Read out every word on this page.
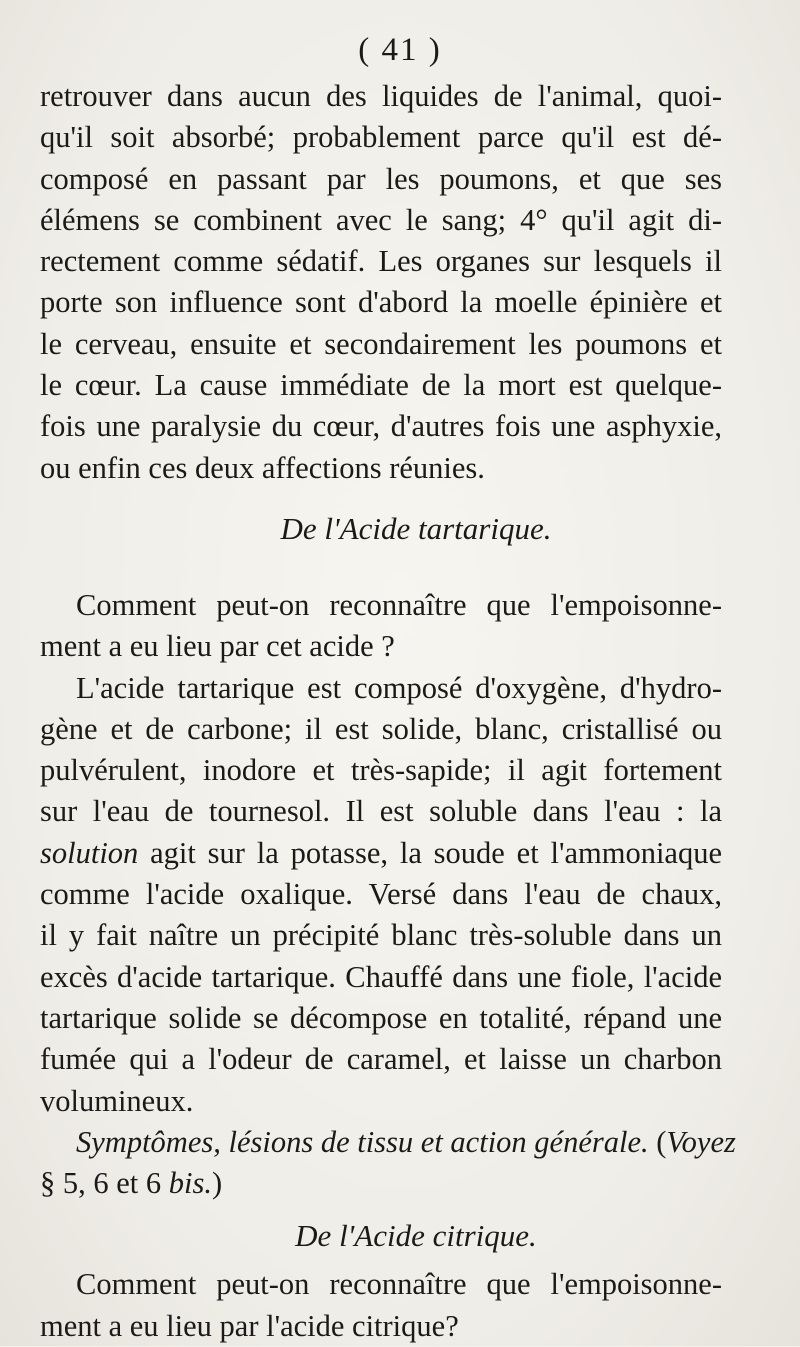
( 41 )
retrouver dans aucun des liquides de l'animal, quoi-
qu'il soit absorbé; probablement parce qu'il est dé-
composé en passant par les poumons, et que ses
élémens se combinent avec le sang; 4° qu'il agit di-
rectement comme sédatif. Les organes sur lesquels il
porte son influence sont d'abord la moelle épinière et
le cerveau, ensuite et secondairement les poumons et
le cœur. La cause immédiate de la mort est quelque-
fois une paralysie du cœur, d'autres fois une asphyxie,
ou enfin ces deux affections réunies.
De l'Acide tartarique.
Comment peut-on reconnaître que l'empoisonne-
ment a eu lieu par cet acide ?
L'acide tartarique est composé d'oxygène, d'hydro-
gène et de carbone; il est solide, blanc, cristallisé ou
pulvérulent, inodore et très-sapide; il agit fortement
sur l'eau de tournesol. Il est soluble dans l'eau : la
solution agit sur la potasse, la soude et l'ammoniaque
comme l'acide oxalique. Versé dans l'eau de chaux,
il y fait naître un précipité blanc très-soluble dans un
excès d'acide tartarique. Chauffé dans une fiole, l'acide
tartarique solide se décompose en totalité, répand une
fumée qui a l'odeur de caramel, et laisse un charbon
volumineux.
Symptômes, lésions de tissu et action générale. (Voyez
§ 5, 6 et 6 bis.)
De l'Acide citrique.
Comment peut-on reconnaître que l'empoisonne-
ment a eu lieu par l'acide citrique?
